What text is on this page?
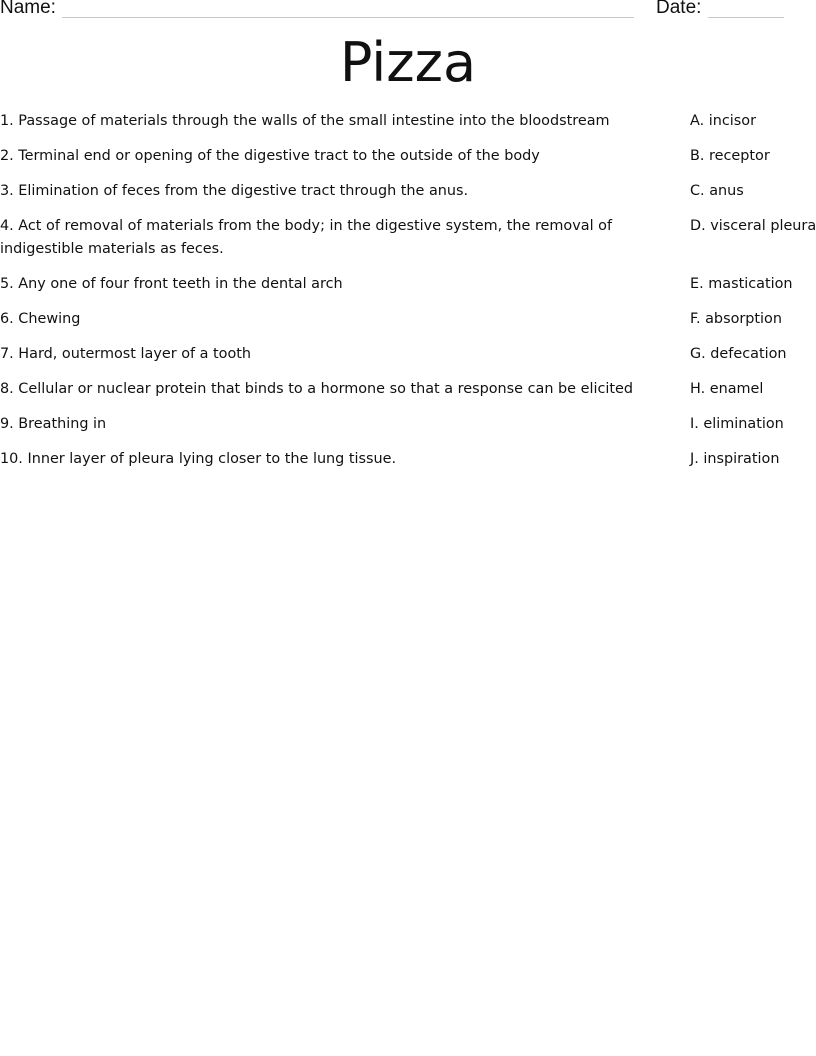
Name:	Date:
Pizza
1. Passage of materials through the walls of the small intestine into the bloodstream
2. Terminal end or opening of the digestive tract to the outside of the body
3. Elimination of feces from the digestive tract through the anus.
4. Act of removal of materials from the body; in the digestive system, the removal of indigestible materials as feces.
5. Any one of four front teeth in the dental arch
6. Chewing
7. Hard, outermost layer of a tooth
8. Cellular or nuclear protein that binds to a hormone so that a response can be elicited
9. Breathing in
10. Inner layer of pleura lying closer to the lung tissue.
A. incisor
B. receptor
C. anus
D. visceral pleura
E. mastication
F. absorption
G. defecation
H. enamel
I. elimination
J. inspiration
